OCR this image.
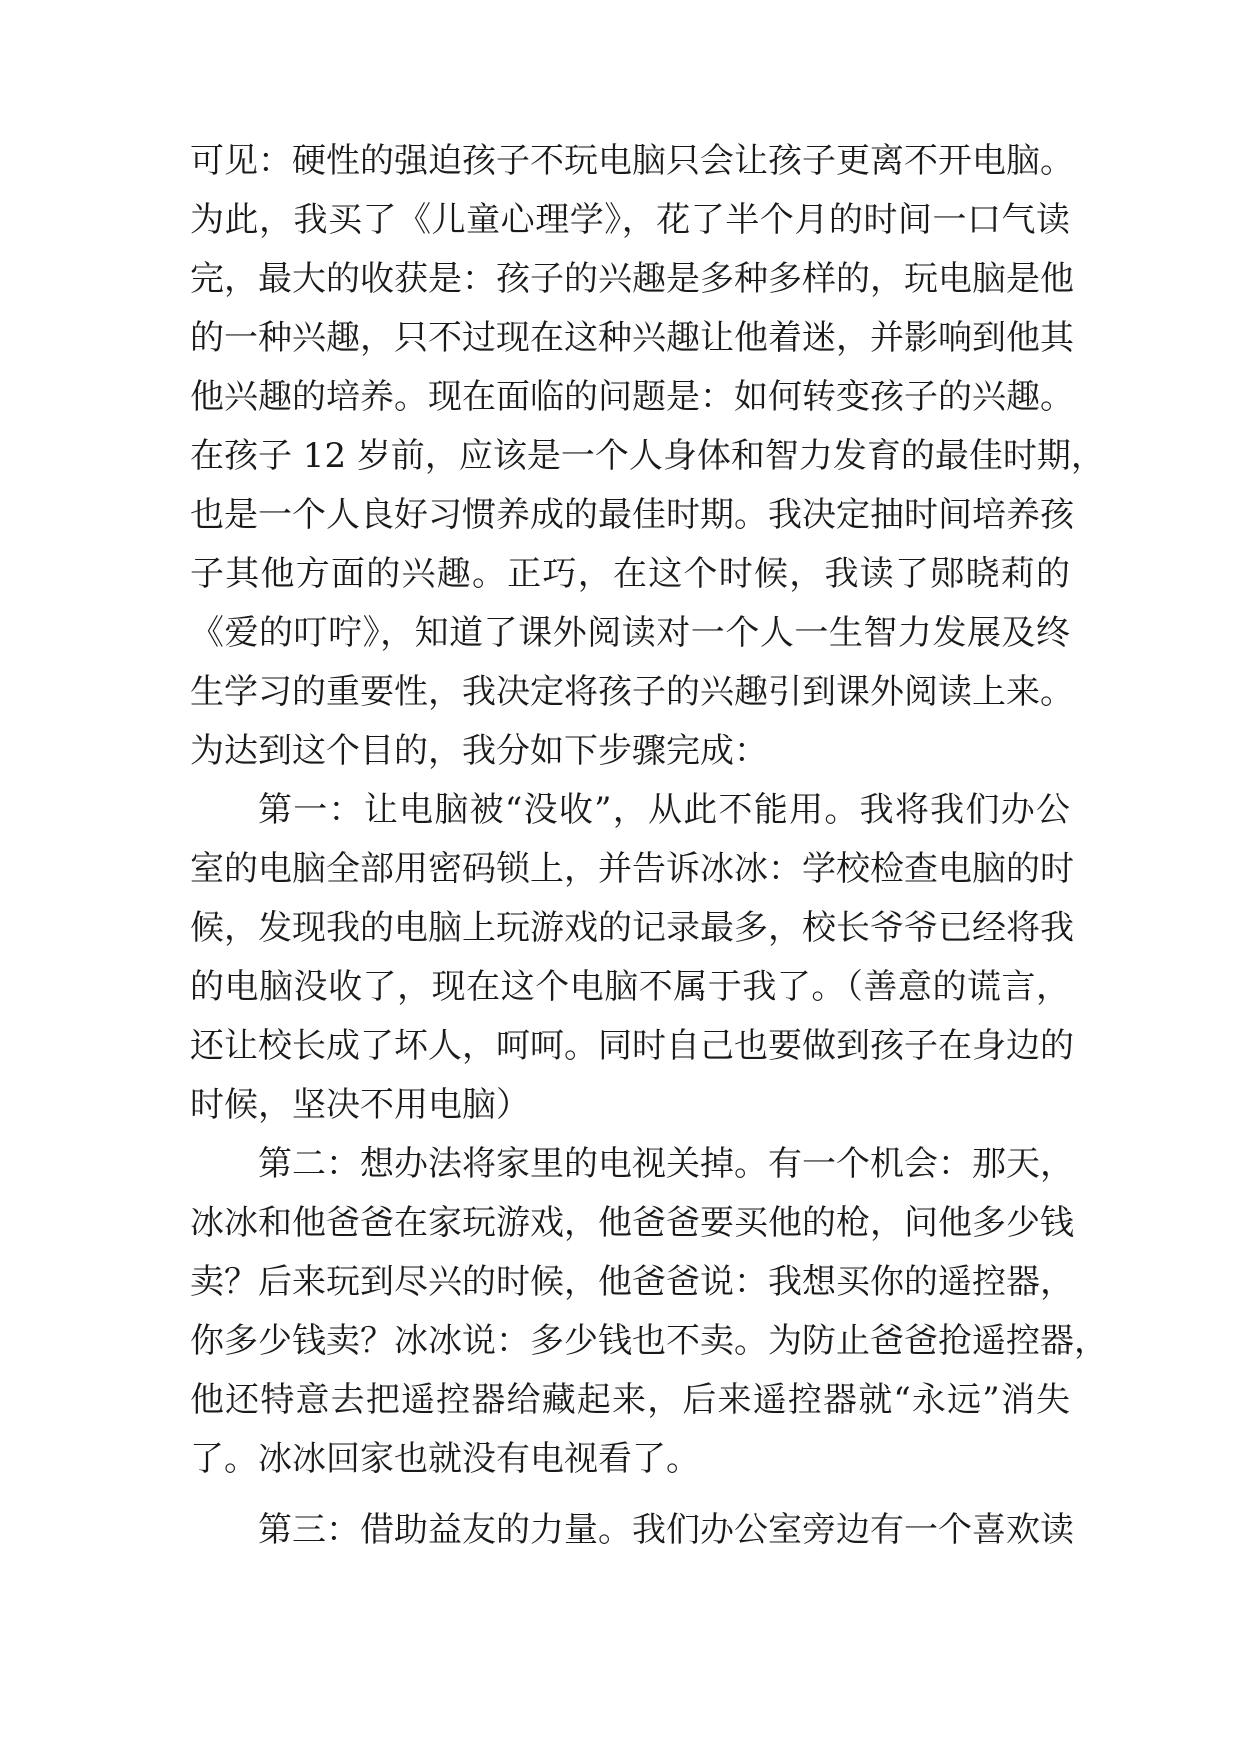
可见：硬性的强迫孩子不玩电脑只会让孩子更离不开电脑。
为此，我买了《儿童心理学》，花了半个月的时间一口气读
完，最大的收获是：孩子的兴趣是多种多样的，玩电脑是他
的一种兴趣，只不过现在这种兴趣让他着迷，并影响到他其
他兴趣的培养。现在面临的问题是：如何转变孩子的兴趣。
在孩子 12 岁前，应该是一个人身体和智力发育的最佳时期，
也是一个人良好习惯养成的最佳时期。我决定抽时间培养孩
子其他方面的兴趣。正巧，在这个时候，我读了郧晓莉的
《爱的叮咛》，知道了课外阅读对一个人一生智力发展及终
生学习的重要性，我决定将孩子的兴趣引到课外阅读上来。
为达到这个目的，我分如下步骤完成：
第一：让电脑被“没收”，从此不能用。我将我们办公
室的电脑全部用密码锁上，并告诉冰冰：学校检查电脑的时
候，发现我的电脑上玩游戏的记录最多，校长爷爷已经将我
的电脑没收了，现在这个电脑不属于我了。（善意的谎言，
还让校长成了坏人，呵呵。同时自己也要做到孩子在身边的
时候，坚决不用电脑）
第二：想办法将家里的电视关掉。有一个机会：那天，
冰冰和他爸爸在家玩游戏，他爸爸要买他的枪，问他多少钱
卖？后来玩到尽兴的时候，他爸爸说：我想买你的遥控器，
你多少钱卖？冰冰说：多少钱也不卖。为防止爸爸抢遥控器，
他还特意去把遥控器给藏起来，后来遥控器就“永远”消失
了。冰冰回家也就没有电视看了。
第三：借助益友的力量。我们办公室旁边有一个喜欢读
